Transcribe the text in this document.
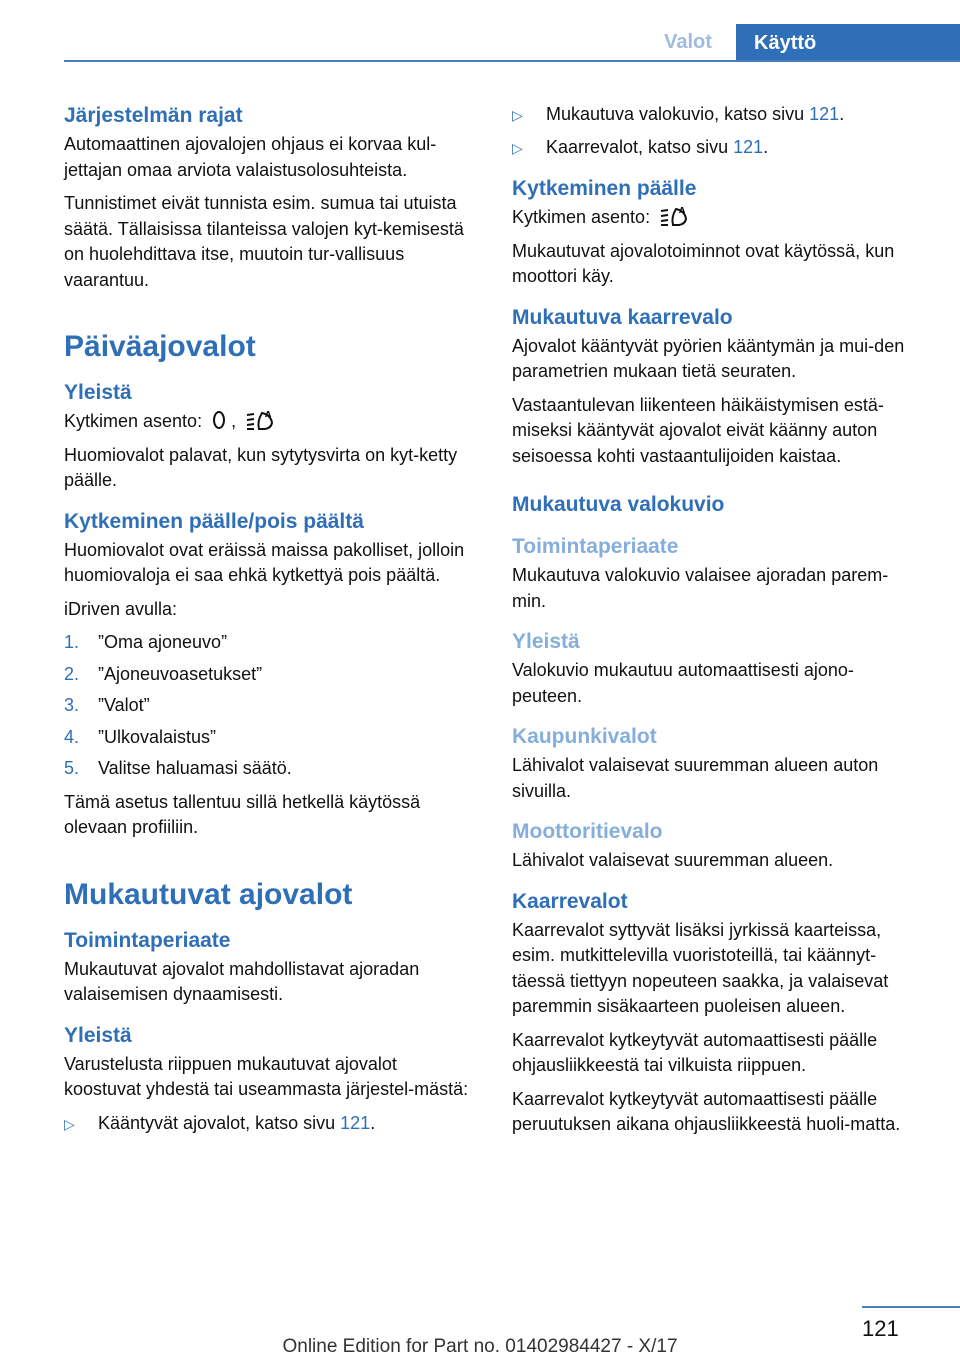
Valot	Käyttö
Järjestelmän rajat

Automaattinen ajovalojen ohjaus ei korvaa kul-jettajan omaa arviota valaistusolosuhteista.

Tunnistimet eivät tunnista esim. sumua tai utuista säätä. Tällaisissa tilanteissa valojen kyt-kemisestä on huolehdittava itse, muutoin tur-vallisuus vaarantuu.

Päiväajovalot
Yleistä

Kytkimen asento: ,	A

Huomiovalot palavat, kun sytytysvirta on kyt-ketty päälle.

Kytkeminen päälle/pois päältä

Huomiovalot ovat eräissä maissa pakolliset, jolloin huomiovaloja ei saa ehkä kytkettyä pois päältä.

iDriven avulla:

1.	”Oma ajoneuvo”
2.	”Ajoneuvoasetukset”
3.	”Valot”
4.	”Ulkovalaistus”
5.	Valitse haluamasi säätö.

Tämä asetus tallentuu sillä hetkellä käytössä olevaan profiiliin.

Mukautuvat ajovalot
Toimintaperiaate

Mukautuvat ajovalot mahdollistavat ajoradan valaisemisen dynaamisesti.

Yleistä

Varustelusta riippuen mukautuvat ajovalot koostuvat yhdestä tai useammasta järjestel-mästä:

▷	Kääntyvät ajovalot, katso sivu 121.
▷	Mukautuva valokuvio, katso sivu 121.
▷	Kaarrevalot, katso sivu 121.
Kytkeminen päälle

Kytkimen asento:	A

Mukautuvat ajovalotoiminnot ovat käytössä, kun moottori käy.

Mukautuva kaarrevalo

Ajovalot kääntyvät pyörien kääntymän ja mui-den parametrien mukaan tietä seuraten.

Vastaantulevan liikenteen häikäistymisen estä-miseksi kääntyvät ajovalot eivät käänny auton seisoessa kohti vastaantulijoiden kaistaa.

Mukautuva valokuvio
Toimintaperiaate

Mukautuva valokuvio valaisee ajoradan parem-min.

Yleistä

Valokuvio mukautuu automaattisesti ajono-peuteen.

Kaupunkivalot

Lähivalot valaisevat suuremman alueen auton sivuilla.

Moottoritievalo

Lähivalot valaisevat suuremman alueen.

Kaarrevalot

Kaarrevalot syttyvät lisäksi jyrkissä kaarteissa, esim. mutkittelevilla vuoristoteillä, tai käännyt-täessä tiettyyn nopeuteen saakka, ja valaisevat paremmin sisäkaarteen puoleisen alueen.

Kaarrevalot kytkeytyvät automaattisesti päälle ohjausliikkeestä tai vilkuista riippuen.

Kaarrevalot kytkeytyvät automaattisesti päälle peruutuksen aikana ohjausliikkeestä huoli-matta.

121
Online Edition for Part no. 01402984427 - X/17
